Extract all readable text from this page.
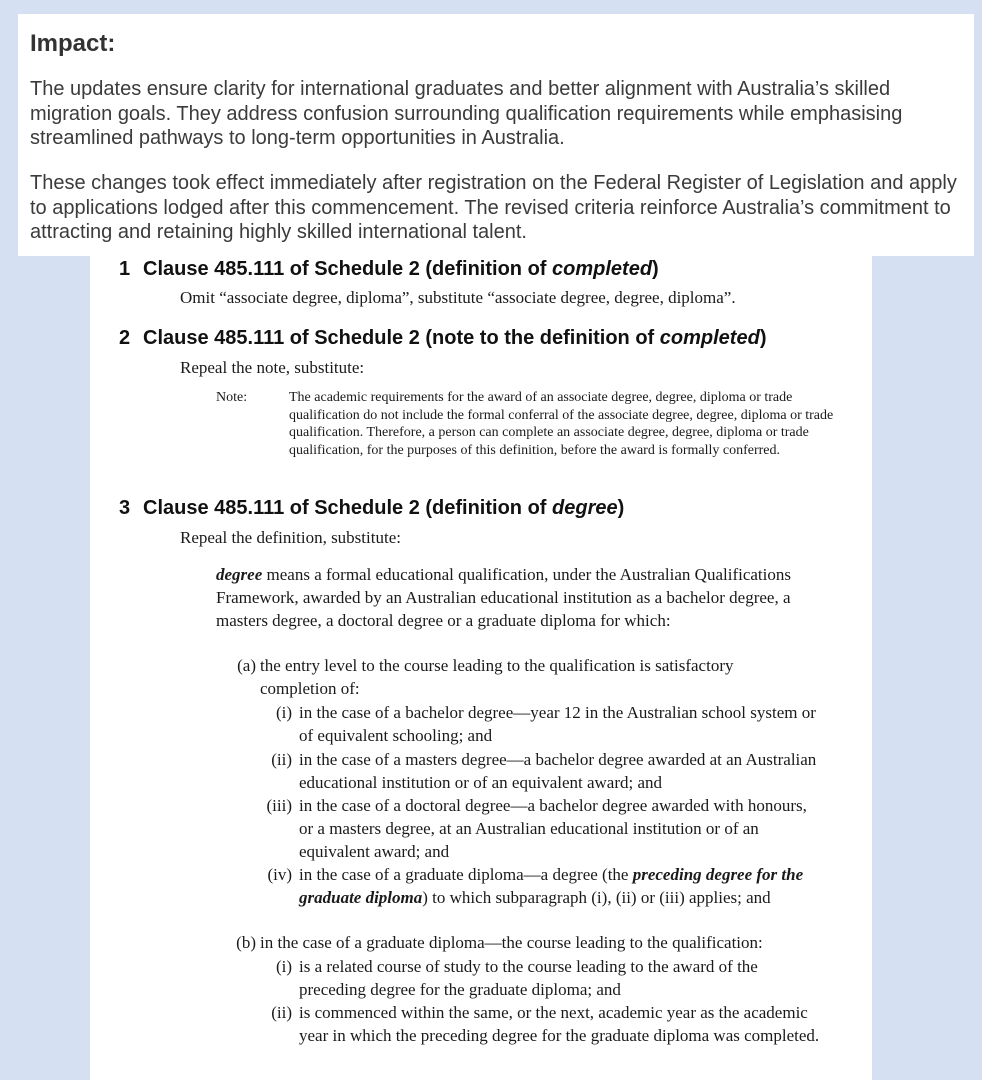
Impact:

The updates ensure clarity for international graduates and better alignment with Australia’s skilled migration goals. They address confusion surrounding qualification requirements while emphasising streamlined pathways to long-term opportunities in Australia.

These changes took effect immediately after registration on the Federal Register of Legislation and apply to applications lodged after this commencement. The revised criteria reinforce Australia’s commitment to attracting and retaining highly skilled international talent.

1 Clause 485.111 of Schedule 2 (definition of completed)

Omit “associate degree, diploma”, substitute “associate degree, degree, diploma”.

2 Clause 485.111 of Schedule 2 (note to the definition of completed)

Repeal the note, substitute:

Note:	The academic requirements for the award of an associate degree, degree, diploma or trade qualification do not include the formal conferral of the associate degree, degree, diploma or trade qualification. Therefore, a person can complete an associate degree, degree, diploma or trade qualification, for the purposes of this definition, before the award is formally conferred.

3 Clause 485.111 of Schedule 2 (definition of degree)

Repeal the definition, substitute:

degree means a formal educational qualification, under the Australian Qualifications Framework, awarded by an Australian educational institution as a bachelor degree, a masters degree, a doctoral degree or a graduate diploma for which:

(a) the entry level to the course leading to the qualification is satisfactory completion of:

(i) in the case of a bachelor degree—year 12 in the Australian school system or of equivalent schooling; and

(ii) in the case of a masters degree—a bachelor degree awarded at an Australian educational institution or of an equivalent award; and

(iii) in the case of a doctoral degree—a bachelor degree awarded with honours, or a masters degree, at an Australian educational institution or of an equivalent award; and

(iv) in the case of a graduate diploma—a degree (the preceding degree for the graduate diploma) to which subparagraph (i), (ii) or (iii) applies; and

(b) in the case of a graduate diploma—the course leading to the qualification:

(i) is a related course of study to the course leading to the award of the preceding degree for the graduate diploma; and

(ii) is commenced within the same, or the next, academic year as the academic year in which the preceding degree for the graduate diploma was completed.
